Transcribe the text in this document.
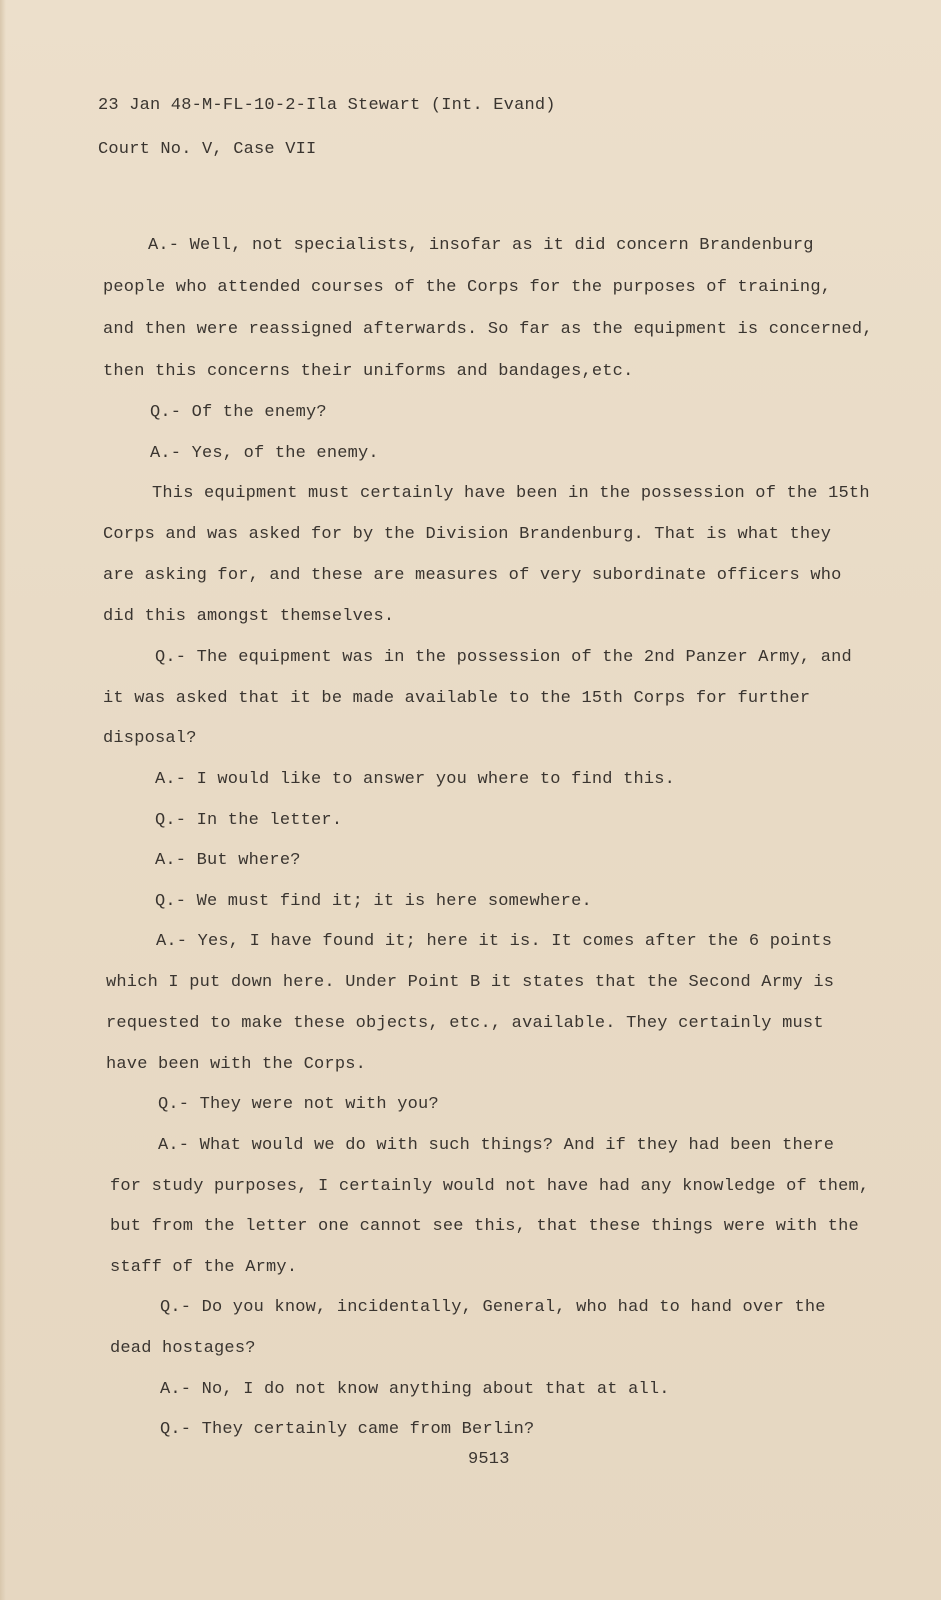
23 Jan 48-M-FL-10-2-Ila Stewart (Int. Evand)
Court No. V, Case VII
A.- Well, not specialists, insofar as it did concern Brandenburg
people who attended courses of the Corps for the purposes of training,
and then were reassigned afterwards. So far as the equipment is concerned,
then this concerns their uniforms and bandages,etc.
Q.- Of the enemy?
A.- Yes, of the enemy.
This equipment must certainly have been in the possession of the 15th
Corps and was asked for by the Division Brandenburg. That is what they
are asking for, and these are measures of very subordinate officers who
did this amongst themselves.
Q.- The equipment was in the possession of the 2nd Panzer Army, and
it was asked that it be made available to the 15th Corps for further
disposal?
A.- I would like to answer you where to find this.
Q.- In the letter.
A.- But where?
Q.- We must find it; it is here somewhere.
A.- Yes, I have found it; here it is. It comes after the 6 points
which I put down here. Under Point B it states that the Second Army is
requested to make these objects, etc., available. They certainly must
have been with the Corps.
Q.- They were not with you?
A.- What would we do with such things? And if they had been there
for study purposes, I certainly would not have had any knowledge of them,
but from the letter one cannot see this, that these things were with the
staff of the Army.
Q.- Do you know, incidentally, General, who had to hand over the
dead hostages?
A.- No, I do not know anything about that at all.
Q.- They certainly came from Berlin?
9513
